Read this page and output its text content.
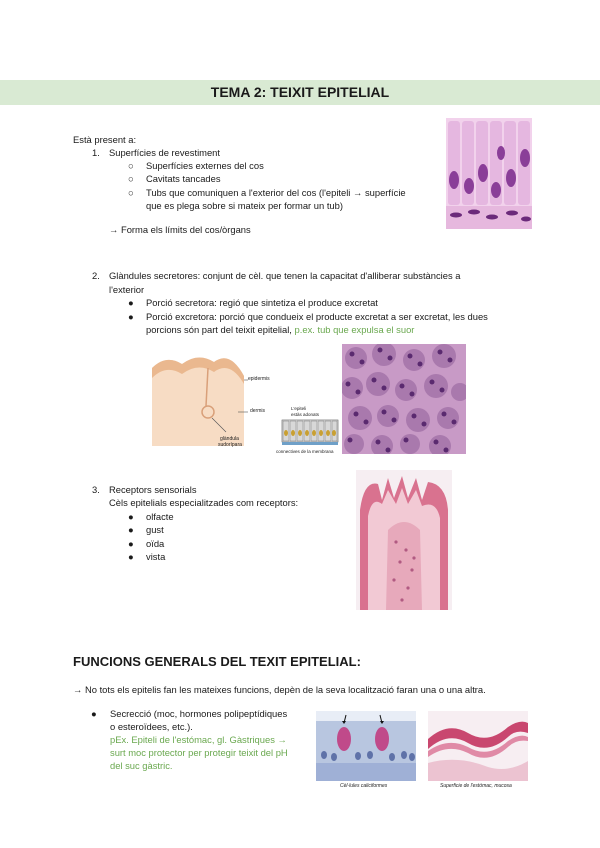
TEMA 2: TEIXIT EPITELIAL
Està present a:
1. Superfícies de revestiment
○ Superfícies externes del cos
○ Cavitats tancades
○ Tubs que comuniquen a l'exterior del cos (l'epiteli → superfície
que es plega sobre si mateix per formar un tub)
→ Forma els límits del cos/òrgans
2. Glàndules secretores: conjunt de cèl. que tenen la capacitat d'alliberar substàncies a
l'exterior
● Porció secretora: regió que sintetiza el produce excretat
● Porció excretora: porció que condueix el producte excretat a ser excretat, les dues
porcions són part del teixit epitelial, p.ex. tub que expulsa el suor
epidermis
dermis
glàndula
sudorípara
L'epiteli
estàs adonats
connectives de la membrana
3. Receptors sensorials
Cèls epitelials especialitzades com receptors:
● olfacte
● gust
● oïda
● vista
FUNCIONS GENERALS DEL TEXIT EPITELIAL:
→ No tots els epitelis fan les mateixes funcions, depèn de la seva localització faran una o una altra.
● Secrecció (moc, hormones polipeptídiques
o esteroïdees, etc.).
pEx. Epiteli de l'estómac, gl. Gàstriques →
surt moc protector per protegir teixit del pH
del suc gàstric.
Cèl·lules caliciformes	Superficie de l'estómac, mucosa
